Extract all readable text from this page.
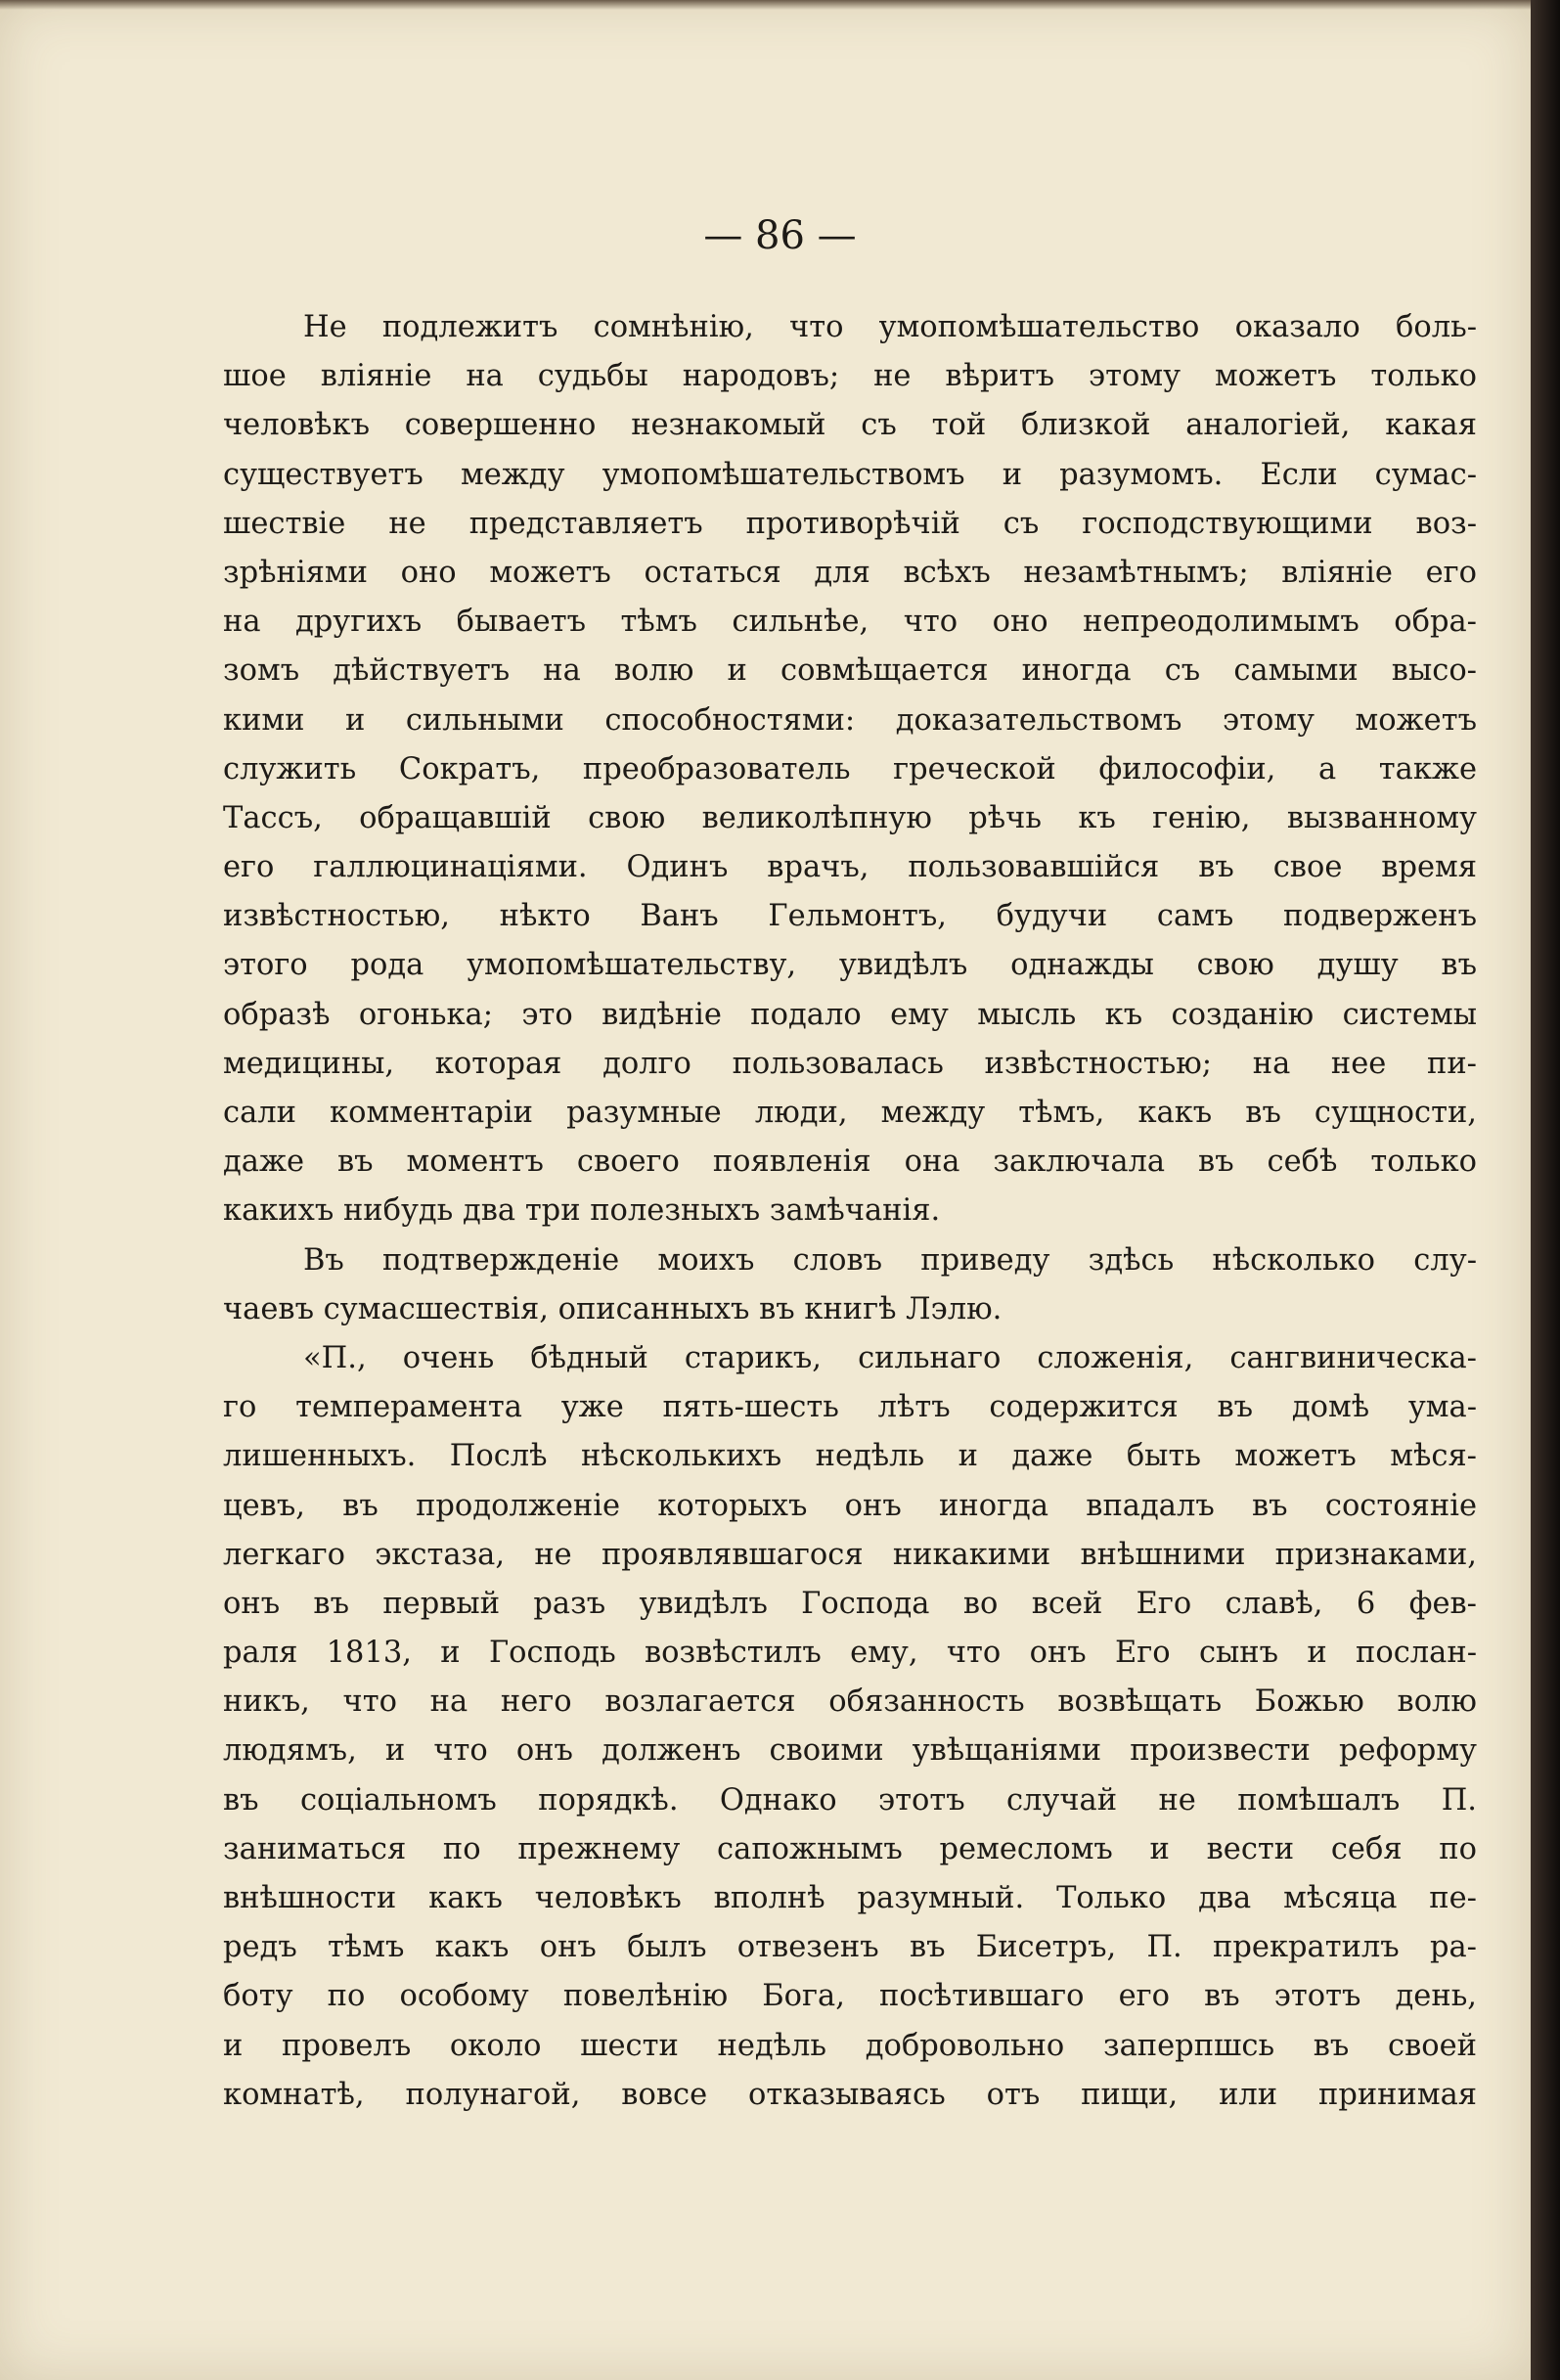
— 86 —
Не подлежитъ сомнѣнію, что умопомѣшательство оказало боль-
шое вліяніе на судьбы народовъ; не вѣритъ этому можетъ только
человѣкъ совершенно незнакомый съ той близкой аналогіей, какая
существуетъ между умопомѣшательствомъ и разумомъ. Если сумас-
шествіе не представляетъ противорѣчій съ господствующими воз-
зрѣніями оно можетъ остаться для всѣхъ незамѣтнымъ; вліяніе его
на другихъ бываетъ тѣмъ сильнѣе, что оно непреодолимымъ обра-
зомъ дѣйствуетъ на волю и совмѣщается иногда съ самыми высо-
кими и сильными способностями: доказательствомъ этому можетъ
служить Сократъ, преобразователь греческой философіи, а также
Тассъ, обращавшій свою великолѣпную рѣчь къ генію, вызванному
его галлюцинаціями. Одинъ врачъ, пользовавшійся въ свое время
извѣстностью, нѣкто Ванъ Гельмонтъ, будучи самъ подверженъ
этого рода умопомѣшательству, увидѣлъ однажды свою душу въ
образѣ огонька; это видѣніе подало ему мысль къ созданію системы
медицины, которая долго пользовалась извѣстностью; на нее пи-
сали комментаріи разумные люди, между тѣмъ, какъ въ сущности,
даже въ моментъ своего появленія она заключала въ себѣ только
какихъ нибудь два три полезныхъ замѣчанія.
Въ подтвержденіе моихъ словъ приведу здѣсь нѣсколько слу-
чаевъ сумасшествія, описанныхъ въ книгѣ Лэлю.
«П., очень бѣдный старикъ, сильнаго сложенія, сангвиническа-
го темперамента уже пять-шесть лѣтъ содержится въ домѣ ума-
лишенныхъ. Послѣ нѣсколькихъ недѣль и даже быть можетъ мѣся-
цевъ, въ продолженіе которыхъ онъ иногда впадалъ въ состояніе
легкаго экстаза, не проявлявшагося никакими внѣшними признаками,
онъ въ первый разъ увидѣлъ Господа во всей Его славѣ, 6 фев-
раля 1813, и Господь возвѣстилъ ему, что онъ Его сынъ и послан-
никъ, что на него возлагается обязанность возвѣщать Божью волю
людямъ, и что онъ долженъ своими увѣщаніями произвести реформу
въ соціальномъ порядкѣ. Однако этотъ случай не помѣшалъ П.
заниматься по прежнему сапожнымъ ремесломъ и вести себя по
внѣшности какъ человѣкъ вполнѣ разумный. Только два мѣсяца пе-
редъ тѣмъ какъ онъ былъ отвезенъ въ Бисетръ, П. прекратилъ ра-
боту по особому повелѣнію Бога, посѣтившаго его въ этотъ день,
и провелъ около шести недѣль добровольно заперпшсь въ своей
комнатѣ, полунагой, вовсе отказываясь отъ пищи, или принимая
